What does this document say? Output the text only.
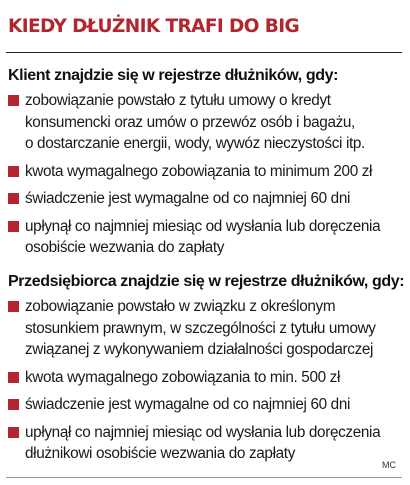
KIEDY DŁUŻNIK TRAFI DO BIG
Klient znajdzie się w rejestrze dłużników, gdy:
zobowiązanie powstało z tytułu umowy o kredyt
konsumencki oraz umów o przewóz osób i bagażu,
o dostarczanie energii, wody, wywóz nieczystości itp.
kwota wymagalnego zobowiązania to minimum 200 zł
świadczenie jest wymagalne od co najmniej 60 dni
upłynął co najmniej miesiąc od wysłania lub doręczenia
osobiście wezwania do zapłaty
Przedsiębiorca znajdzie się w rejestrze dłużników, gdy:
zobowiązanie powstało w związku z określonym
stosunkiem prawnym, w szczególności z tytułu umowy
związanej z wykonywaniem działalności gospodarczej
kwota wymagalnego zobowiązania to min. 500 zł
świadczenie jest wymagalne od co najmniej 60 dni
upłynął co najmniej miesiąc od wysłania lub doręczenia
dłużnikowi osobiście wezwania do zapłaty
MC
